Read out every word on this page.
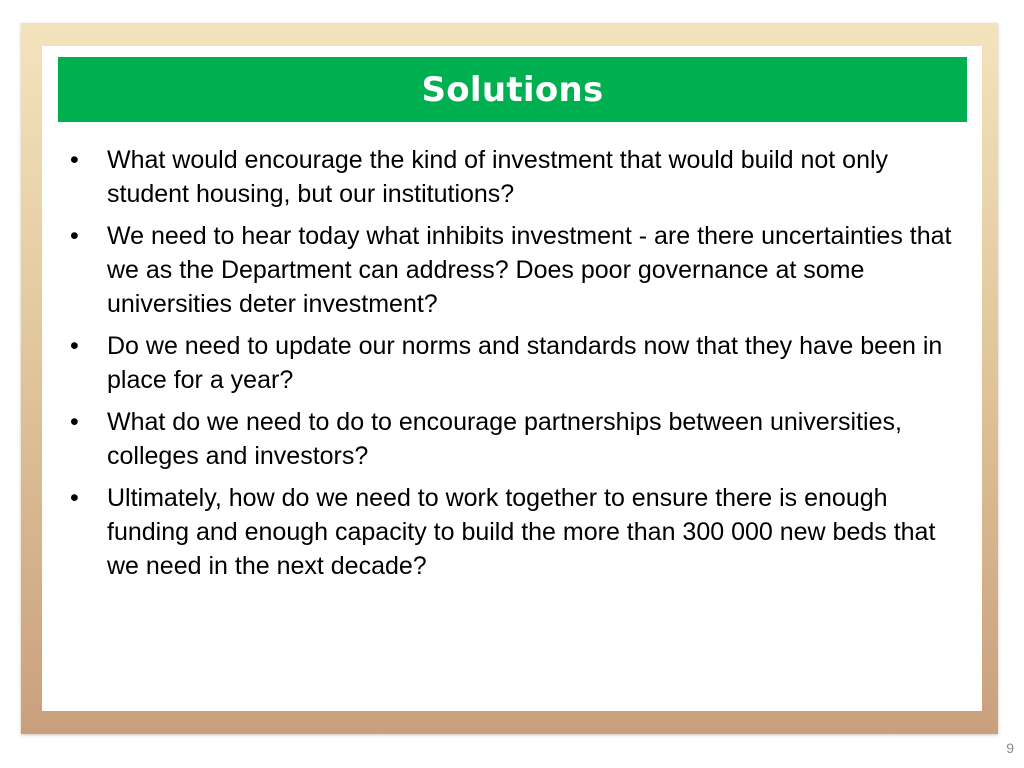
Solutions
•	What would encourage the kind of investment that would build not only student housing, but our institutions?
•	We need to hear today what inhibits investment - are there uncertainties that we as the Department can address? Does poor governance at some universities deter investment?
•	Do we need to update our norms and standards now that they have been in place for a year?
•	What do we need to do to encourage partnerships between universities, colleges and investors?
•	Ultimately, how do we need to work together to ensure there is enough funding and enough capacity to build the more than 300 000 new beds that we need in the next decade?
9
